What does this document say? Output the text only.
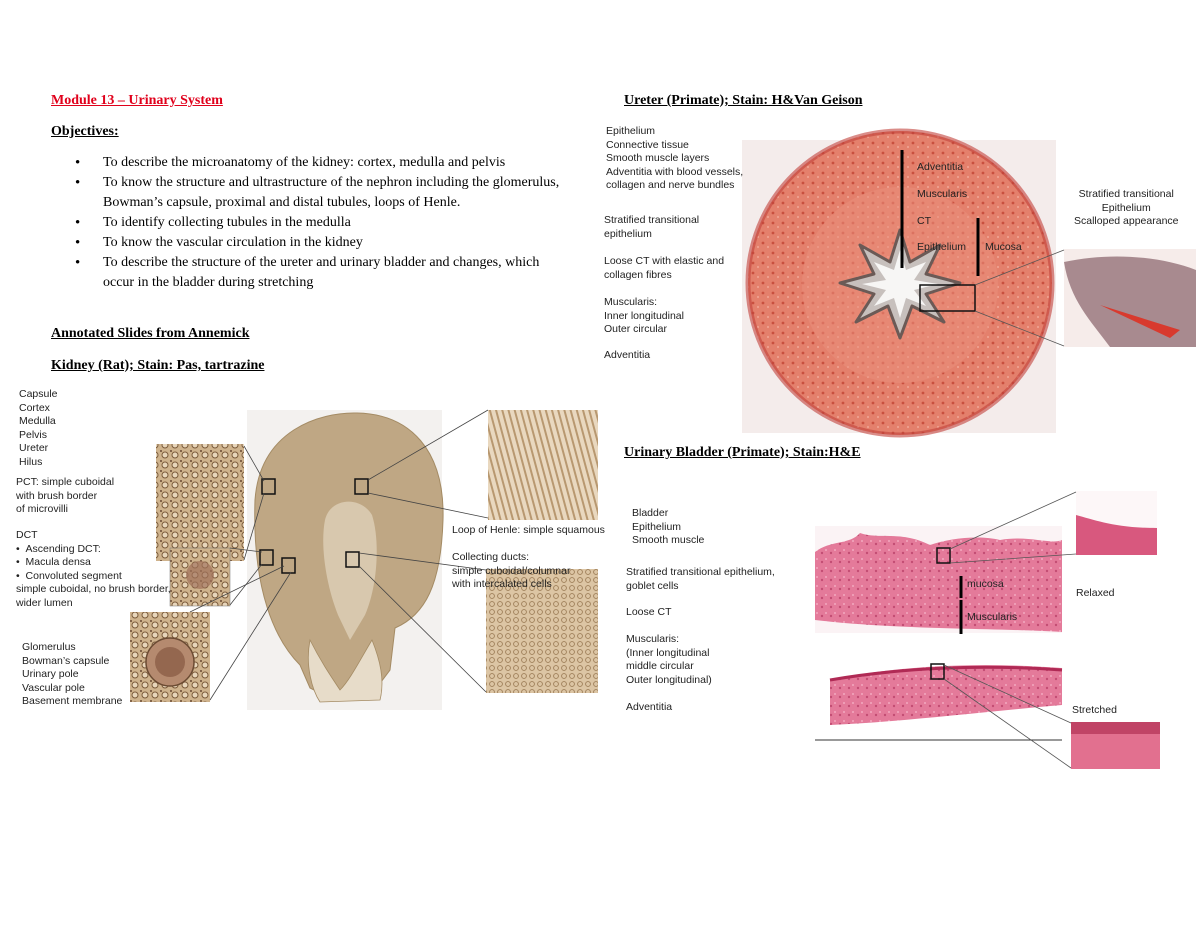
Module 13 – Urinary System
Objectives:
• To describe the microanatomy of the kidney: cortex, medulla and pelvis
• To know the structure and ultrastructure of the nephron including the glomerulus, Bowman’s capsule, proximal and distal tubules, loops of Henle.
• To identify collecting tubules in the medulla
• To know the vascular circulation in the kidney
• To describe the structure of the ureter and urinary bladder and changes, which occur in the bladder during stretching
Annotated Slides from Annemick
Kidney (Rat); Stain: Pas, tartrazine
Capsule
Cortex
Medulla
Pelvis
Ureter
Hilus
PCT: simple cuboidal
with brush border
of microvilli
DCT
•  Ascending DCT:
•  Macula densa
•  Convoluted segment
simple cuboidal, no brush border,
wider lumen
Glomerulus
Bowman’s capsule
Urinary pole
Vascular pole
Basement membrane
Loop of Henle: simple squamous
Collecting ducts:
simple cuboidal/columnar
with intercalated cells
Ureter (Primate); Stain: H&Van Geison
Epithelium
Connective tissue
Smooth muscle layers
Adventitia with blood vessels,
collagen and nerve bundles
Stratified transitional
epithelium
Loose CT with elastic and
collagen fibres
Muscularis:
Inner longitudinal
Outer circular
Adventitia
Adventitia
Muscularis
CT
Epithelium Mucosa
Stratified transitional
Epithelium
Scalloped appearance
Urinary Bladder (Primate); Stain:H&E
Bladder
Epithelium
Smooth muscle
Stratified transitional epithelium,
goblet cells
Loose CT
Muscularis:
(Inner longitudinal
middle circular
Outer longitudinal)
Adventitia
mucosa
Muscularis
Relaxed
Stretched
